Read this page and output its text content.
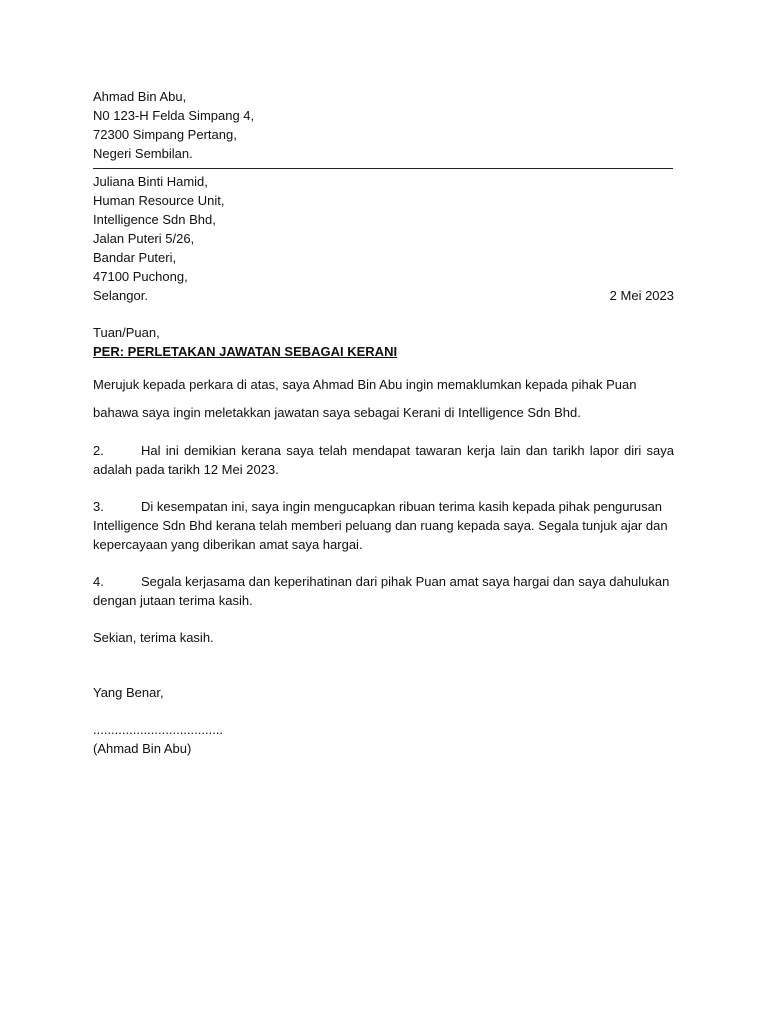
Ahmad Bin Abu,
N0 123-H Felda Simpang 4,
72300 Simpang Pertang,
Negeri Sembilan.
Juliana Binti Hamid,
Human Resource Unit,
Intelligence Sdn Bhd,
Jalan Puteri 5/26,
Bandar Puteri,
47100 Puchong,
Selangor.	2 Mei 2023
Tuan/Puan,
PER: PERLETAKAN JAWATAN SEBAGAI KERANI
Merujuk kepada perkara di atas, saya Ahmad Bin Abu ingin memaklumkan kepada pihak Puan
bahawa saya ingin meletakkan jawatan saya sebagai Kerani di Intelligence Sdn Bhd.
2.	Hal ini demikian kerana saya telah mendapat tawaran kerja lain dan tarikh lapor diri saya adalah pada tarikh 12 Mei 2023.
3.	Di kesempatan ini, saya ingin mengucapkan ribuan terima kasih kepada pihak pengurusan Intelligence Sdn Bhd kerana telah memberi peluang dan ruang kepada saya. Segala tunjuk ajar dan kepercayaan yang diberikan amat saya hargai.
4.	Segala kerjasama dan keperihatinan dari pihak Puan amat saya hargai dan saya dahulukan dengan jutaan terima kasih.
Sekian, terima kasih.
Yang Benar,
....................................
(Ahmad Bin Abu)
